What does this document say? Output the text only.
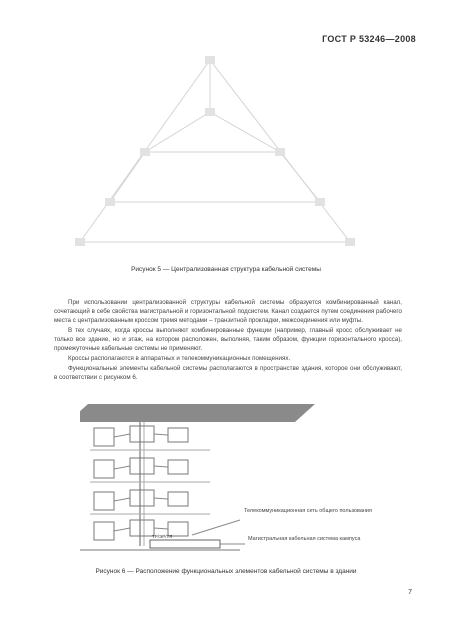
ГОСТ Р 53246—2008
Рисунок 5 — Централизованная структура кабельной системы

При использовании централизованной структуры кабельной системы образуется комбинированный канал, сочетающий в себе свойства магистральной и горизонтальной подсистем. Канал создается путем соединения рабочего места с централизованным кроссом тремя методами – транзитной прокладки, межсоединения или муфты.

В тех случаях, когда кроссы выполняют комбинированные функции (например, главный кросс обслуживает не только все здание, но и этаж, на котором расположен, выполняя, таким образом, функции горизонтального кросса), промежуточные кабельные системы не применяют.

Кроссы располагаются в аппаратных и телекоммуникационных помещениях.

Функциональные элементы кабельной системы располагаются в пространстве здания, которое они обслуживают, в соответствии с рисунком 6.

Телекоммуникационная сеть общего пользования
Магистральная кабельная система кампуса
ТР/ЭР/ТЯ
Рисунок 6 — Расположение функциональных элементов кабельной системы в здании
7
